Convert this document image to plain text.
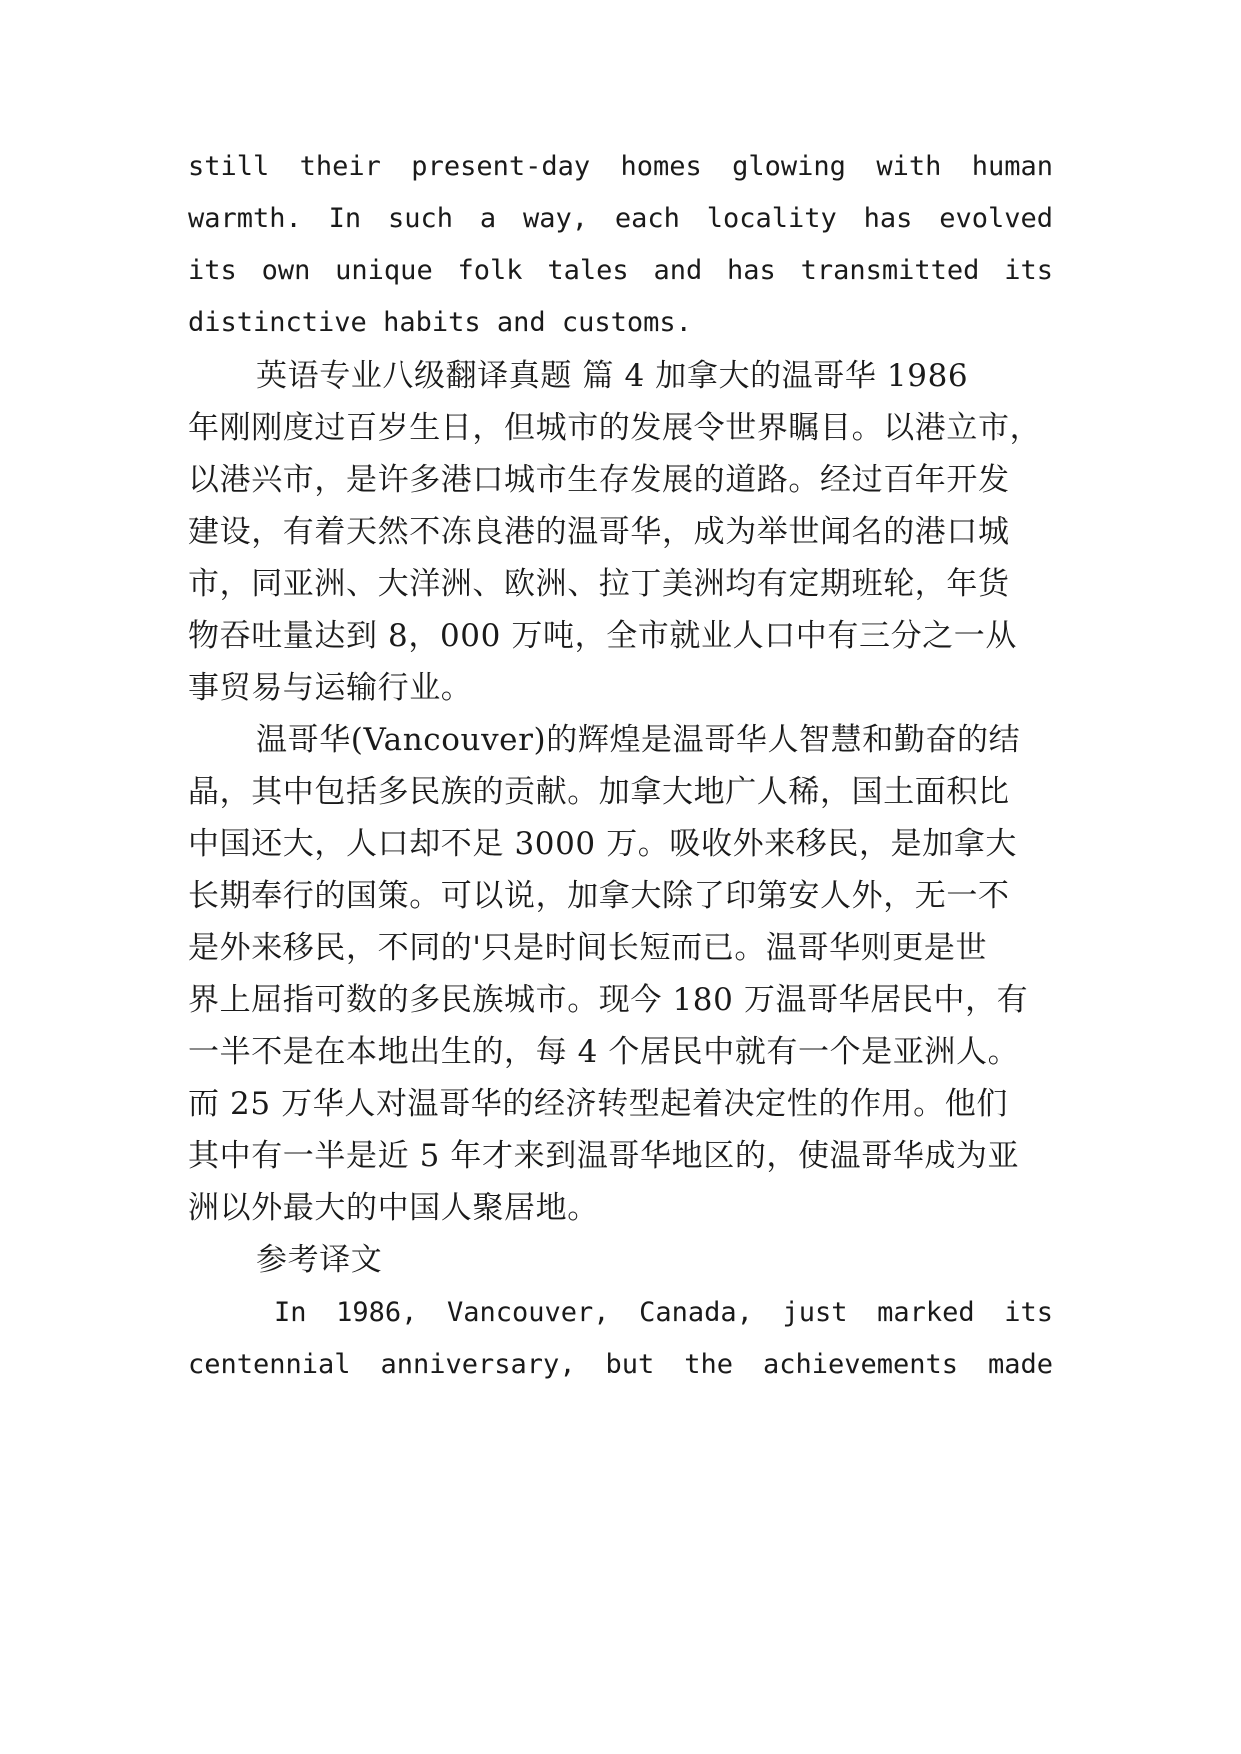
still their present-day homes glowing with human

warmth. In such a way, each locality has evolved

its own unique folk tales and has transmitted its

distinctive habits and customs.

英语专业八级翻译真题 篇 4 加拿大的温哥华 1986

年刚刚度过百岁生日，但城市的发展令世界瞩目。以港立市，

以港兴市，是许多港口城市生存发展的道路。经过百年开发

建设，有着天然不冻良港的温哥华，成为举世闻名的港口城

市，同亚洲、大洋洲、欧洲、拉丁美洲均有定期班轮，年货

物吞吐量达到 8，000 万吨，全市就业人口中有三分之一从

事贸易与运输行业。

温哥华(Vancouver)的辉煌是温哥华人智慧和勤奋的结

晶，其中包括多民族的贡献。加拿大地广人稀，国土面积比

中国还大，人口却不足 3000 万。吸收外来移民，是加拿大

长期奉行的国策。可以说，加拿大除了印第安人外，无一不

是外来移民，不同的'只是时间长短而已。温哥华则更是世

界上屈指可数的多民族城市。现今 180 万温哥华居民中，有

一半不是在本地出生的，每 4 个居民中就有一个是亚洲人。

而 25 万华人对温哥华的经济转型起着决定性的作用。他们

其中有一半是近 5 年才来到温哥华地区的，使温哥华成为亚

洲以外最大的中国人聚居地。

参考译文

In 1986, Vancouver, Canada, just marked its

centennial anniversary, but the achievements made
